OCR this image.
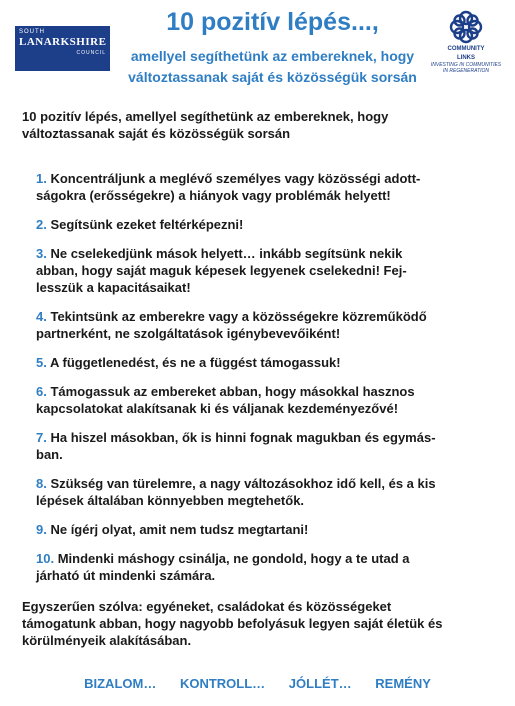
SOUTH
LANARKSHIRE
COUNCIL
10 pozitív lépés...,
amellyel segíthetünk az embereknek, hogy
változtassanak saját és közösségük sorsán
COMMUNITY
LINKS
INVESTING IN COMMUNITIES IN REGENERATION
10 pozitív lépés, amellyel segíthetünk az embereknek, hogy
változtassanak saját és közösségük sorsán
1. Koncentráljunk a meglévő személyes vagy közösségi adott-
ságokra (erősségekre) a hiányok vagy problémák helyett!
2. Segítsünk ezeket feltérképezni!
3. Ne cselekedjünk mások helyett… inkább segítsünk nekik
abban, hogy saját maguk képesek legyenek cselekedni! Fej-
lesszük a kapacitásaikat!
4. Tekintsünk az emberekre vagy a közösségekre közreműködő
partnerként, ne szolgáltatások igénybevevőiként!
5. A függetlenedést, és ne a függést támogassuk!
6. Támogassuk az embereket abban, hogy másokkal hasznos
kapcsolatokat alakítsanak ki és váljanak kezdeményezővé!
7. Ha hiszel másokban, ők is hinni fognak magukban és egymás-
ban.
8. Szükség van türelemre, a nagy változásokhoz idő kell, és a kis
lépések általában könnyebben megtehetők.
9. Ne ígérj olyat, amit nem tudsz megtartani!
10. Mindenki máshogy csinálja, ne gondold, hogy a te utad a
járható út mindenki számára.
Egyszerűen szólva: egyéneket, családokat és közösségeket
támogatunk abban, hogy nagyobb befolyásuk legyen saját életük és
körülményeik alakításában.
BIZALOM… KONTROLL… JÓLLÉT… REMÉNY
